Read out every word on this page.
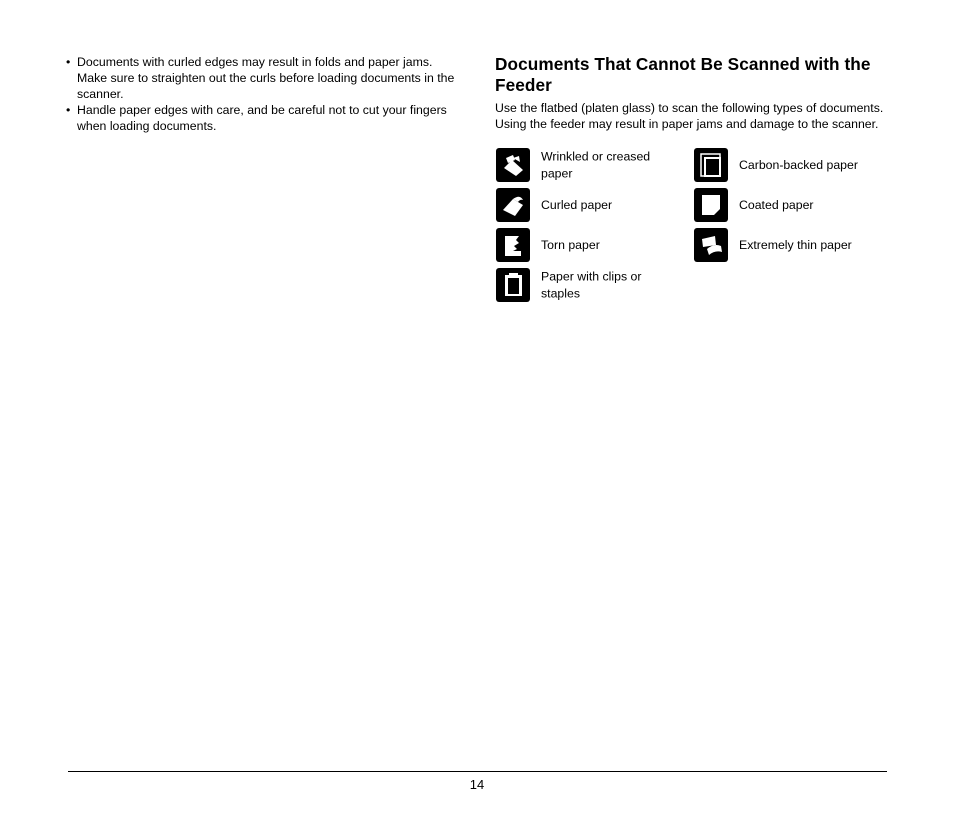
• Documents with curled edges may result in folds and paper jams. Make sure to straighten out the curls before loading documents in the scanner.
• Handle paper edges with care, and be careful not to cut your fingers when loading documents.
Documents That Cannot Be Scanned with the Feeder

Use the flatbed (platen glass) to scan the following types of documents. Using the feeder may result in paper jams and damage to the scanner.

Wrinkled or creased paper
Carbon-backed paper
Curled paper	Coated paper
Torn paper	Extremely thin paper
Paper with clips or staples
14
